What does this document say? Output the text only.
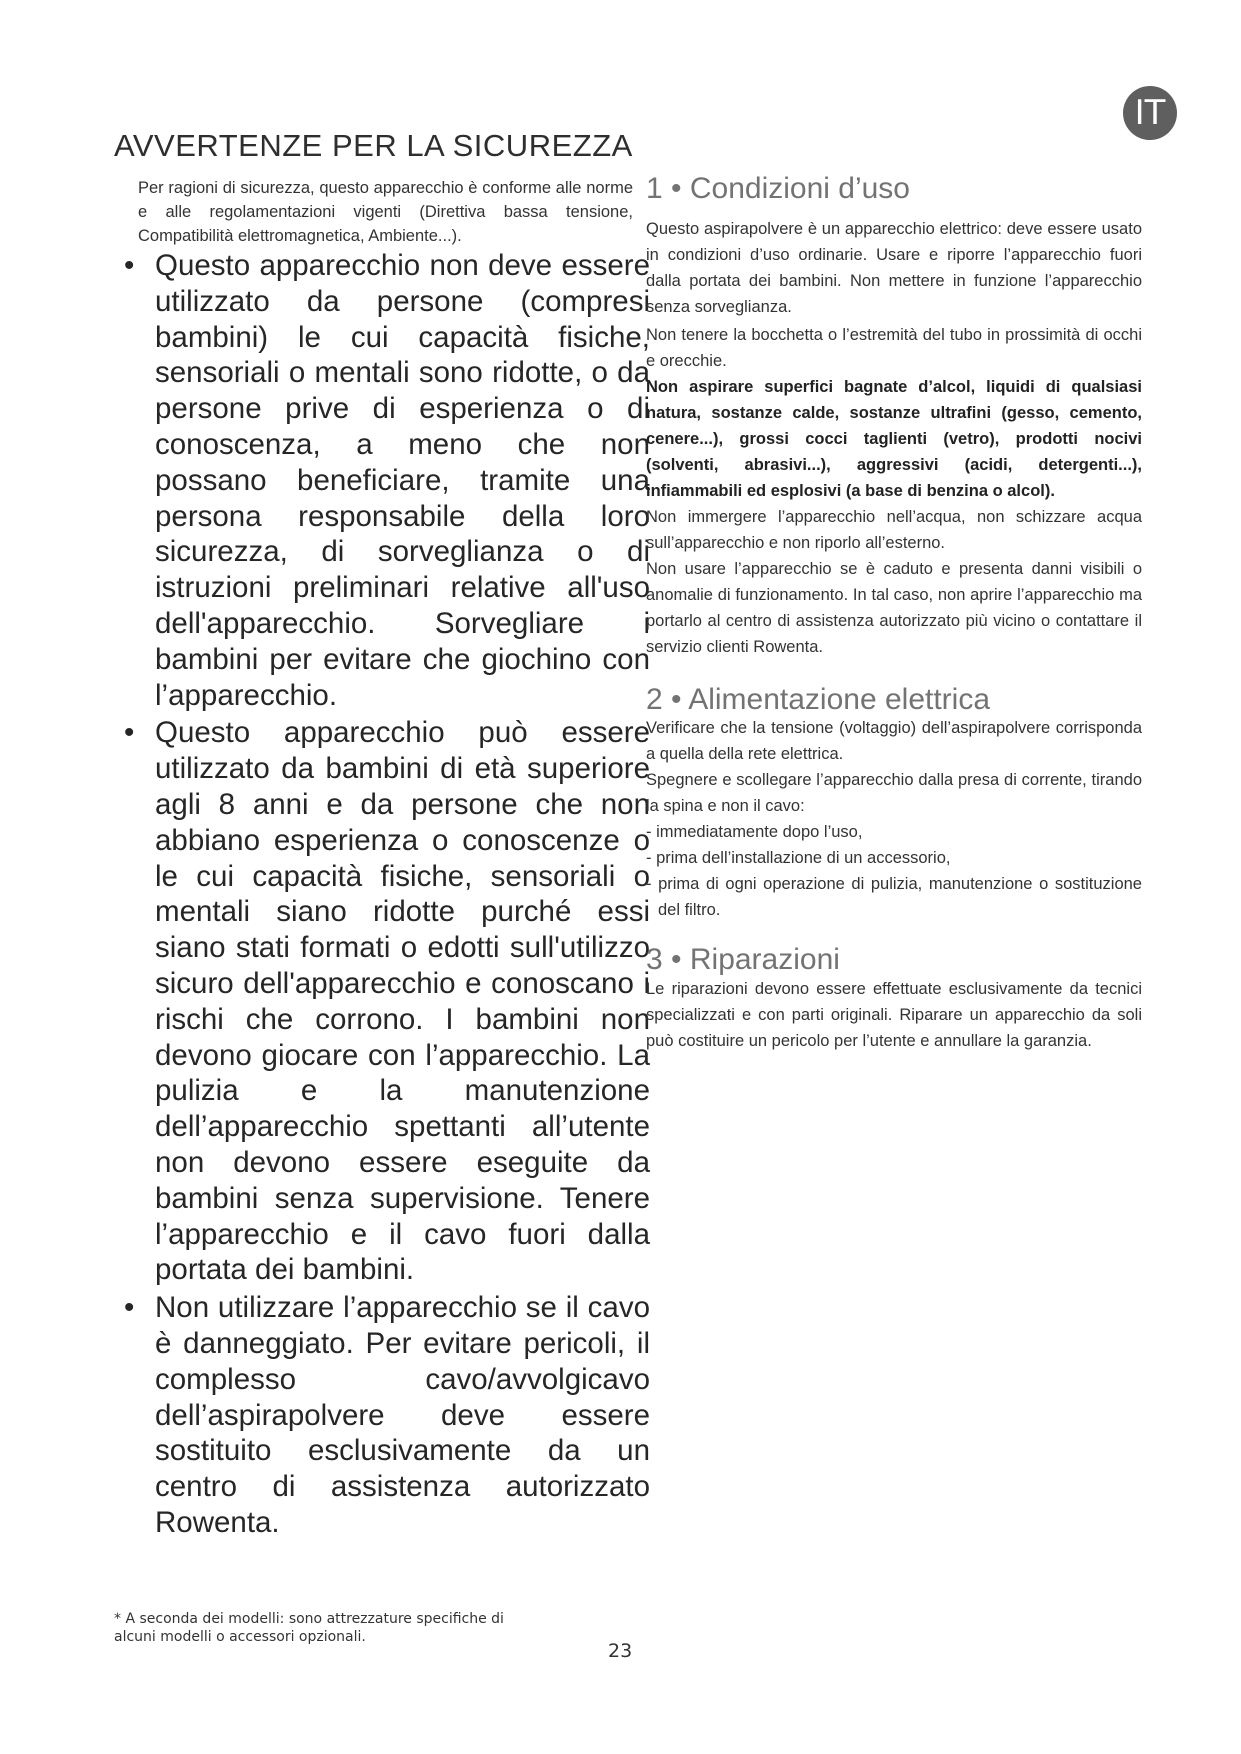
IT
AVVERTENZE PER LA SICUREZZA

Per ragioni di sicurezza, questo apparecchio è conforme alle norme e alle regolamentazioni vigenti (Direttiva bassa tensione, Compatibilità elettromagnetica, Ambiente...).

• Questo apparecchio non deve essere utilizzato da persone (compresi bambini) le cui capacità fisiche, sensoriali o mentali sono ridotte, o da persone prive di esperienza o di conoscenza, a meno che non possano beneficiare, tramite una persona responsabile della loro sicurezza, di sorveglianza o di istruzioni preliminari relative all'uso dell'apparecchio. Sorvegliare i bambini per evitare che giochino con l’apparecchio.
• Questo apparecchio può essere utilizzato da bambini di età superiore agli 8 anni e da persone che non abbiano esperienza o conoscenze o le cui capacità fisiche, sensoriali o mentali siano ridotte purché essi siano stati formati o edotti sull'utilizzo sicuro dell'apparecchio e conoscano i rischi che corrono. I bambini non devono giocare con l’apparecchio. La pulizia e la manutenzione dell’apparecchio spettanti all’utente non devono essere eseguite da bambini senza supervisione. Tenere l’apparecchio e il cavo fuori dalla portata dei bambini.
• Non utilizzare l’apparecchio se il cavo è danneggiato. Per evitare pericoli, il complesso cavo/avvolgicavo dell’aspirapolvere deve essere sostituito esclusivamente da un centro di assistenza autorizzato Rowenta.
1 • Condizioni d’uso

Questo aspirapolvere è un apparecchio elettrico: deve essere usato in condizioni d’uso ordinarie. Usare e riporre l’apparecchio fuori dalla portata dei bambini. Non mettere in funzione l’apparecchio senza sorveglianza.

Non tenere la bocchetta o l’estremità del tubo in prossimità di occhi e orecchie.

Non aspirare superfici bagnate d’alcol, liquidi di qualsiasi natura, sostanze calde, sostanze ultrafini (gesso, cemento, cenere...), grossi cocci taglienti (vetro), prodotti nocivi (solventi, abrasivi...), aggressivi (acidi, detergenti...), infiammabili ed esplosivi (a base di benzina o alcol).

Non immergere l’apparecchio nell’acqua, non schizzare acqua sull’apparecchio e non riporlo all’esterno.

Non usare l’apparecchio se è caduto e presenta danni visibili o anomalie di funzionamento. In tal caso, non aprire l’apparecchio ma portarlo al centro di assistenza autorizzato più vicino o contattare il servizio clienti Rowenta.

2 • Alimentazione elettrica

Verificare che la tensione (voltaggio) dell’aspirapolvere corrisponda a quella della rete elettrica.

Spegnere e scollegare l’apparecchio dalla presa di corrente, tirando la spina e non il cavo:

- immediatamente dopo l’uso,
- prima dell’installazione di un accessorio,
- prima di ogni operazione di pulizia, manutenzione o sostituzione del filtro.
3 • Riparazioni

Le riparazioni devono essere effettuate esclusivamente da tecnici specializzati e con parti originali. Riparare un apparecchio da soli può costituire un pericolo per l’utente e annullare la garanzia.

* A seconda dei modelli: sono attrezzature specifiche di alcuni modelli o accessori opzionali.

23
